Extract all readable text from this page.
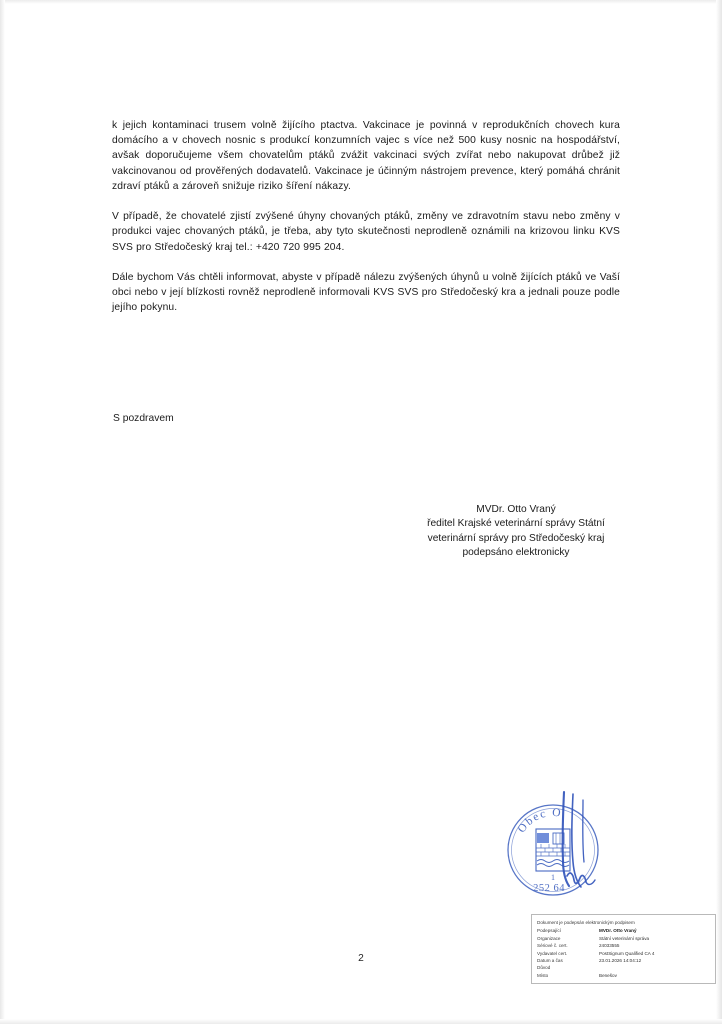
k jejich kontaminaci trusem volně žijícího ptactva. Vakcinace je povinná v reprodukčních chovech kura domácího a v chovech nosnic s produkcí konzumních vajec s více než 500 kusy nosnic na hospodářství, avšak doporučujeme všem chovatelům ptáků zvážit vakcinaci svých zvířat nebo nakupovat drůbež již vakcinovanou od prověřených dodavatelů. Vakcinace je účinným nástrojem prevence, který pomáhá chránit zdraví ptáků a zároveň snižuje riziko šíření nákazy.

V případě, že chovatelé zjistí zvýšené úhyny chovaných ptáků, změny ve zdravotním stavu nebo změny v produkci vajec chovaných ptáků, je třeba, aby tyto skutečnosti neprodleně oznámili na krizovou linku KVS SVS pro Středočeský kraj tel.: +420 720 995 204.

Dále bychom Vás chtěli informovat, abyste v případě nálezu zvýšených úhynů u volně žijících ptáků ve Vaší obci nebo v její blízkosti rovněž neprodleně informovali KVS SVS pro Středočeský kra a jednali pouze podle jejího pokynu.

S pozdravem
MVDr. Otto Vraný
ředitel Krajské veterinární správy Státní
veterinární správy pro Středočeský kraj
podepsáno elektronicky
Obec O
1
252 64
Dokument je podepsán elektronickým podpisem
Podepsající	MVDr. Otto Vraný
Organizace	Státní veterinární správa
Sériové č. cert.	24033555
Vydavatel cert.	PostSignum Qualified CA 4
Datum a čas	23.01.2026 14:04:12
Důvod
Místo	Benešov
2
